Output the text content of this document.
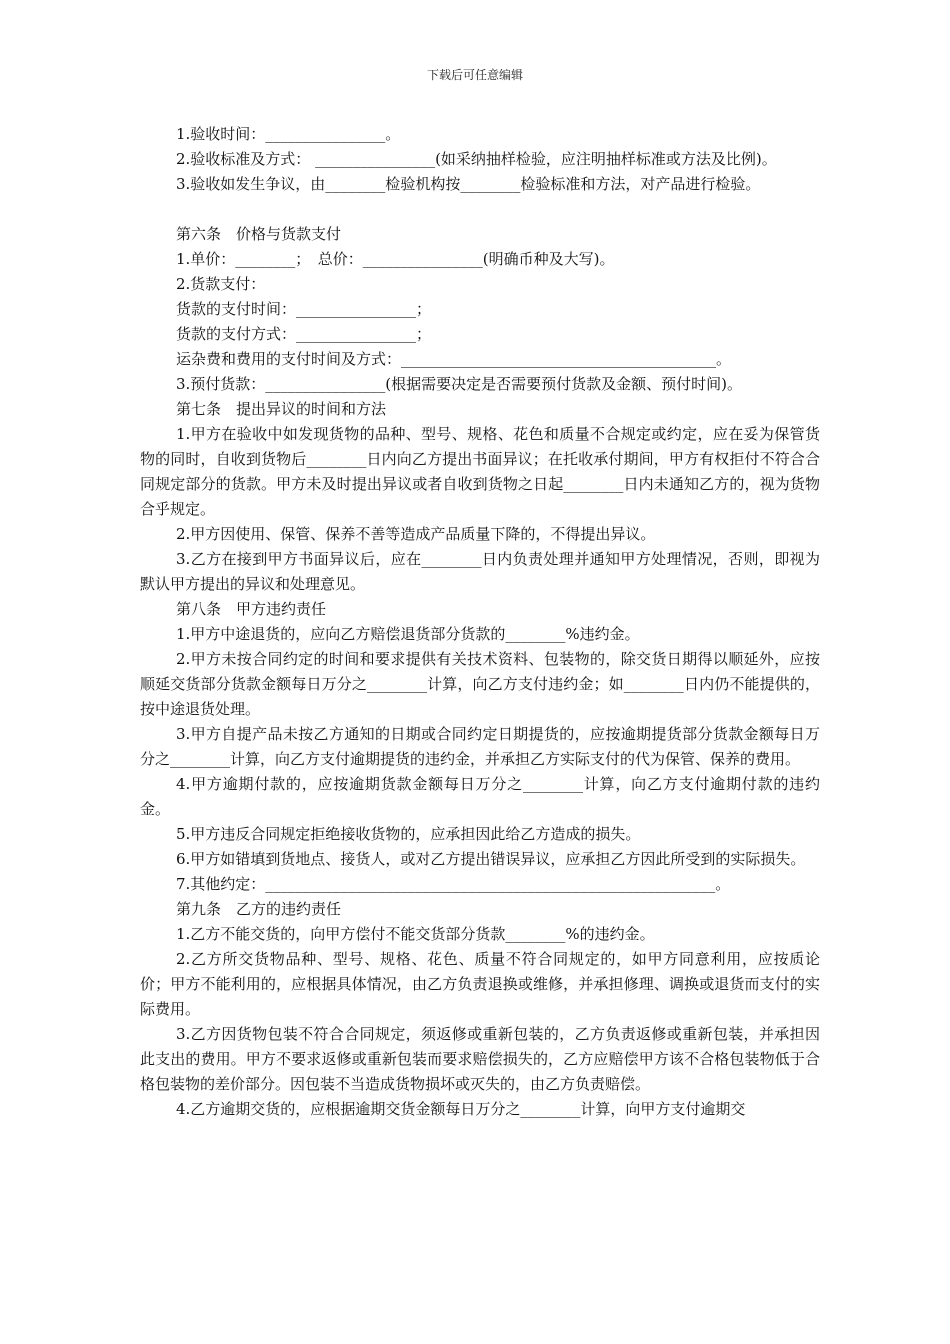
下载后可任意编辑

1.验收时间：________________。

2.验收标准及方式： ________________(如采纳抽样检验，应注明抽样标准或方法及比例)。

3.验收如发生争议，由________检验机构按________检验标准和方法，对产品进行检验。

第六条　价格与货款支付

1.单价：________；　总价：________________(明确币种及大写)。

2.货款支付：

货款的支付时间：________________；

货款的支付方式：________________；

运杂费和费用的支付时间及方式：__________________________________________。

3.预付货款：________________(根据需要决定是否需要预付货款及金额、预付时间)。

第七条　提出异议的时间和方法

1.甲方在验收中如发现货物的品种、型号、规格、花色和质量不合规定或约定，应在妥为保管货物的同时，自收到货物后________日内向乙方提出书面异议；在托收承付期间，甲方有权拒付不符合合同规定部分的货款。甲方未及时提出异议或者自收到货物之日起________日内未通知乙方的，视为货物合乎规定。

2.甲方因使用、保管、保养不善等造成产品质量下降的，不得提出异议。

3.乙方在接到甲方书面异议后，应在________日内负责处理并通知甲方处理情况，否则，即视为默认甲方提出的异议和处理意见。

第八条　甲方违约责任

1.甲方中途退货的，应向乙方赔偿退货部分货款的________%违约金。

2.甲方未按合同约定的时间和要求提供有关技术资料、包装物的，除交货日期得以顺延外，应按顺延交货部分货款金额每日万分之________计算，向乙方支付违约金；如________日内仍不能提供的，按中途退货处理。

3.甲方自提产品未按乙方通知的日期或合同约定日期提货的，应按逾期提货部分货款金额每日万分之________计算，向乙方支付逾期提货的违约金，并承担乙方实际支付的代为保管、保养的费用。

4.甲方逾期付款的，应按逾期货款金额每日万分之________计算，向乙方支付逾期付款的违约金。

5.甲方违反合同规定拒绝接收货物的，应承担因此给乙方造成的损失。

6.甲方如错填到货地点、接货人，或对乙方提出错误异议，应承担乙方因此所受到的实际损失。

7.其他约定：____________________________________________________________。

第九条　乙方的违约责任

1.乙方不能交货的，向甲方偿付不能交货部分货款________%的违约金。

2.乙方所交货物品种、型号、规格、花色、质量不符合同规定的，如甲方同意利用，应按质论价；甲方不能利用的，应根据具体情况，由乙方负责退换或维修，并承担修理、调换或退货而支付的实际费用。

3.乙方因货物包装不符合合同规定，须返修或重新包装的，乙方负责返修或重新包装，并承担因此支出的费用。甲方不要求返修或重新包装而要求赔偿损失的，乙方应赔偿甲方该不合格包装物低于合格包装物的差价部分。因包装不当造成货物损坏或灭失的，由乙方负责赔偿。

4.乙方逾期交货的，应根据逾期交货金额每日万分之________计算，向甲方支付逾期交
